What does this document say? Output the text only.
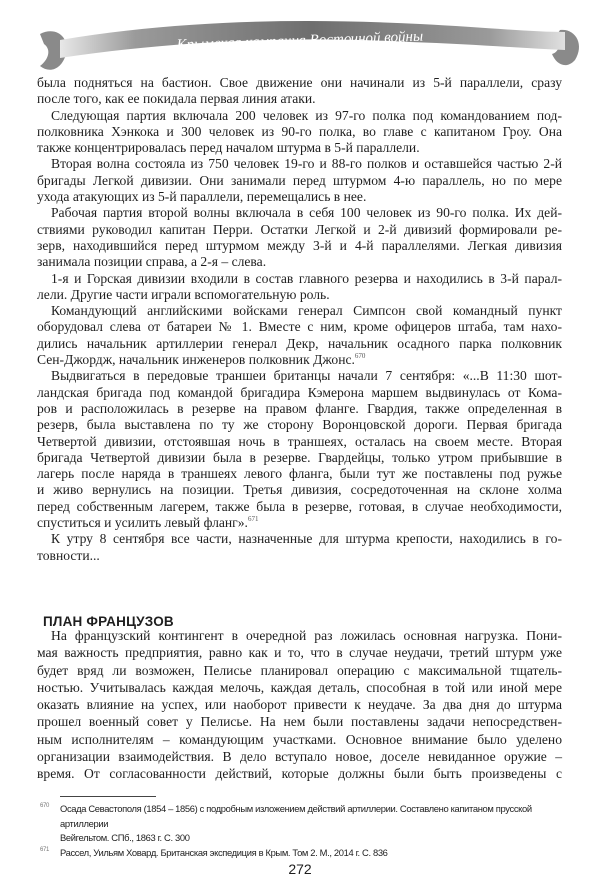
Крымская кампания Восточной войны
была подняться на бастион. Свое движение они начинали из 5-й параллели, сразу
после того, как ее покидала первая линия атаки.
Следующая партия включала 200 человек из 97-го полка под командованием под-
полковника Хэнкока и 300 человек из 90-го полка, во главе с капитаном Гроу. Она
также концентрировалась перед началом штурма в 5-й параллели.
Вторая волна состояла из 750 человек 19-го и 88-го полков и оставшейся частью 2-й
бригады Легкой дивизии. Они занимали перед штурмом 4-ю параллель, но по мере
ухода атакующих из 5-й параллели, перемещались в нее.
Рабочая партия второй волны включала в себя 100 человек из 90-го полка. Их дей-
ствиями руководил капитан Перри. Остатки Легкой и 2-й дивизий формировали ре-
зерв, находившийся перед штурмом между 3-й и 4-й параллелями. Легкая дивизия
занимала позиции справа, а 2-я – слева.
1-я и Горская дивизии входили в состав главного резерва и находились в 3-й парал-
лели. Другие части играли вспомогательную роль.
Командующий английскими войсками генерал Симпсон свой командный пункт
оборудовал слева от батареи № 1. Вместе с ним, кроме офицеров штаба, там нахо-
дились начальник артиллерии генерал Декр, начальник осадного парка полковник
Сен-Джордж, начальник инженеров полковник Джонс.$^{670}$
Выдвигаться в передовые траншеи британцы начали 7 сентября: «...В 11:30 шот-
ландская бригада под командой бригадира Кэмерона маршем выдвинулась от Кома-
ров и расположилась в резерве на правом фланге. Гвардия, также определенная в
резерв, была выставлена по ту же сторону Воронцовской дороги. Первая бригада
Четвертой дивизии, отстоявшая ночь в траншеях, осталась на своем месте. Вторая
бригада Четвертой дивизии была в резерве. Гвардейцы, только утром прибывшие в
лагерь после наряда в траншеях левого фланга, были тут же поставлены под ружье
и живо вернулись на позиции. Третья дивизия, сосредоточенная на склоне холма
перед собственным лагерем, также была в резерве, готовая, в случае необходимости,
спуститься и усилить левый фланг».$^{671}$
К утру 8 сентября все части, назначенные для штурма крепости, находились в го-
товности...
ПЛАН ФРАНЦУЗОВ
На французский контингент в очередной раз ложилась основная нагрузка. Пони-
мая важность предприятия, равно как и то, что в случае неудачи, третий штурм уже
будет вряд ли возможен, Пелисье планировал операцию с максимальной тщатель-
ностью. Учитывалась каждая мелочь, каждая деталь, способная в той или иной мере
оказать влияние на успех, или наоборот привести к неудаче. За два дня до штурма
прошел военный совет у Пелисье. На нем были поставлены задачи непосредствен-
ным исполнителям – командующим участками. Основное внимание было уделено
организации взаимодействия. В дело вступало новое, доселе невиданное оружие –
время. От согласованности действий, которые должны были быть произведены с
670 Осада Севастополя (1854 – 1856) с подробным изложением действий артиллерии. Составлено капитаном прусской артиллерии
Вейгельтом. СПб., 1863 г. С. 300
671 Рассел, Уильям Ховард. Британская экспедиция в Крым. Том 2. М., 2014 г. С. 836
272
